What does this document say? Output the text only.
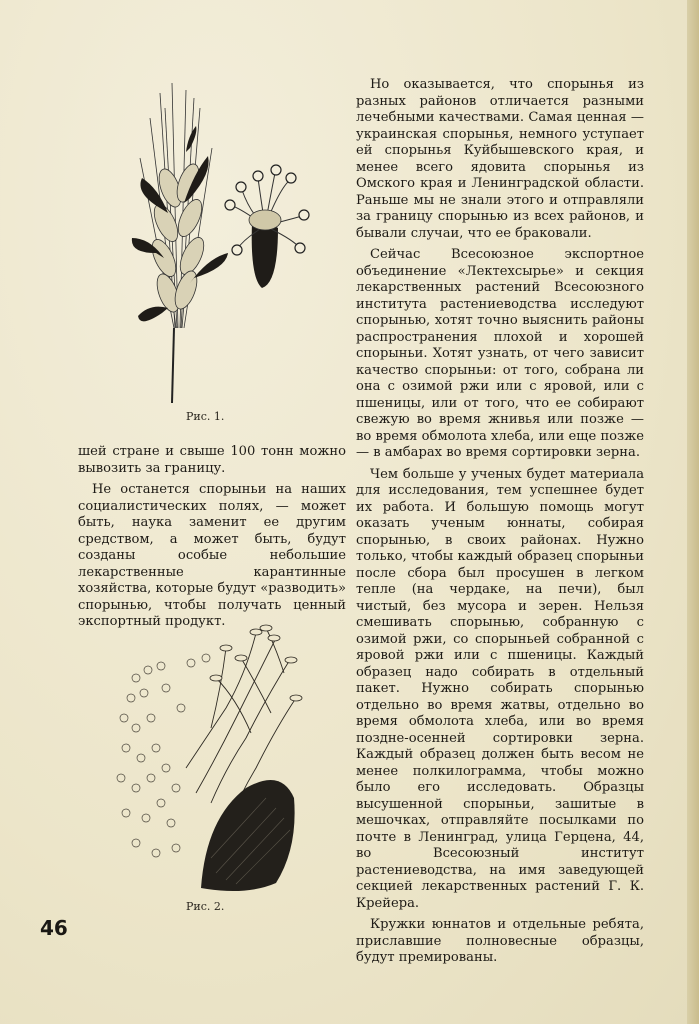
Рис. 1.
Рис. 2.

шей стране и свыше 100 тонн можно вывозить за границу.

Не останется спорыньи на наших социалистических полях, — может быть, наука заменит ее другим средством, а может быть, будут созданы особые небольшие лекарственные карантинные хозяйства, которые будут «разводить» спорынью, чтобы получать ценный экспортный продукт.

Но оказывается, что спорынья из разных районов отличается разными лечебными качествами. Самая ценная — украинская спорынья, немного уступает ей спорынья Куйбышевского края, и менее всего ядовита спорынья из Омского края и Ленинградской области. Раньше мы не знали этого и отправляли за границу спорынью из всех районов, и бывали случаи, что ее браковали.

Сейчас Всесоюзное экспортное объединение «Лектехсырье» и секция лекарственных растений Всесоюзного института растениеводства исследуют спорынью, хотят точно выяснить районы распространения плохой и хорошей спорыньи. Хотят узнать, от чего зависит качество спорыньи: от того, собрана ли она с озимой ржи или с яровой, или с пшеницы, или от того, что ее собирают свежую во время жнивья или позже — во время обмолота хлеба, или еще позже — в амбарах во время сортировки зерна.

Чем больше у ученых будет материала для исследования, тем успешнее будет их работа. И большую помощь могут оказать ученым юннаты, собирая спорынью, в своих районах. Нужно только, чтобы каждый образец спорыньи после сбора был просушен в легком тепле (на чердаке, на печи), был чистый, без мусора и зерен. Нельзя смешивать спорынью, собранную с озимой ржи, со спорыньей собранной с яровой ржи или с пшеницы. Каждый образец надо собирать в отдельный пакет. Нужно собирать спорынью отдельно во время жатвы, отдельно во время обмолота хлеба, или во время поздне-осенней сортировки зерна. Каждый образец должен быть весом не менее полкилограмма, чтобы можно было его исследовать. Образцы высушенной спорыньи, зашитые в мешочках, отправляйте посылками по почте в Ленинград, улица Герцена, 44, во Всесоюзный институт растениеводства, на имя заведующей секцией лекарственных растений Г. К. Крейера.

Кружки юннатов и отдельные ребята, приславшие полновесные образцы, будут премированы.

46
